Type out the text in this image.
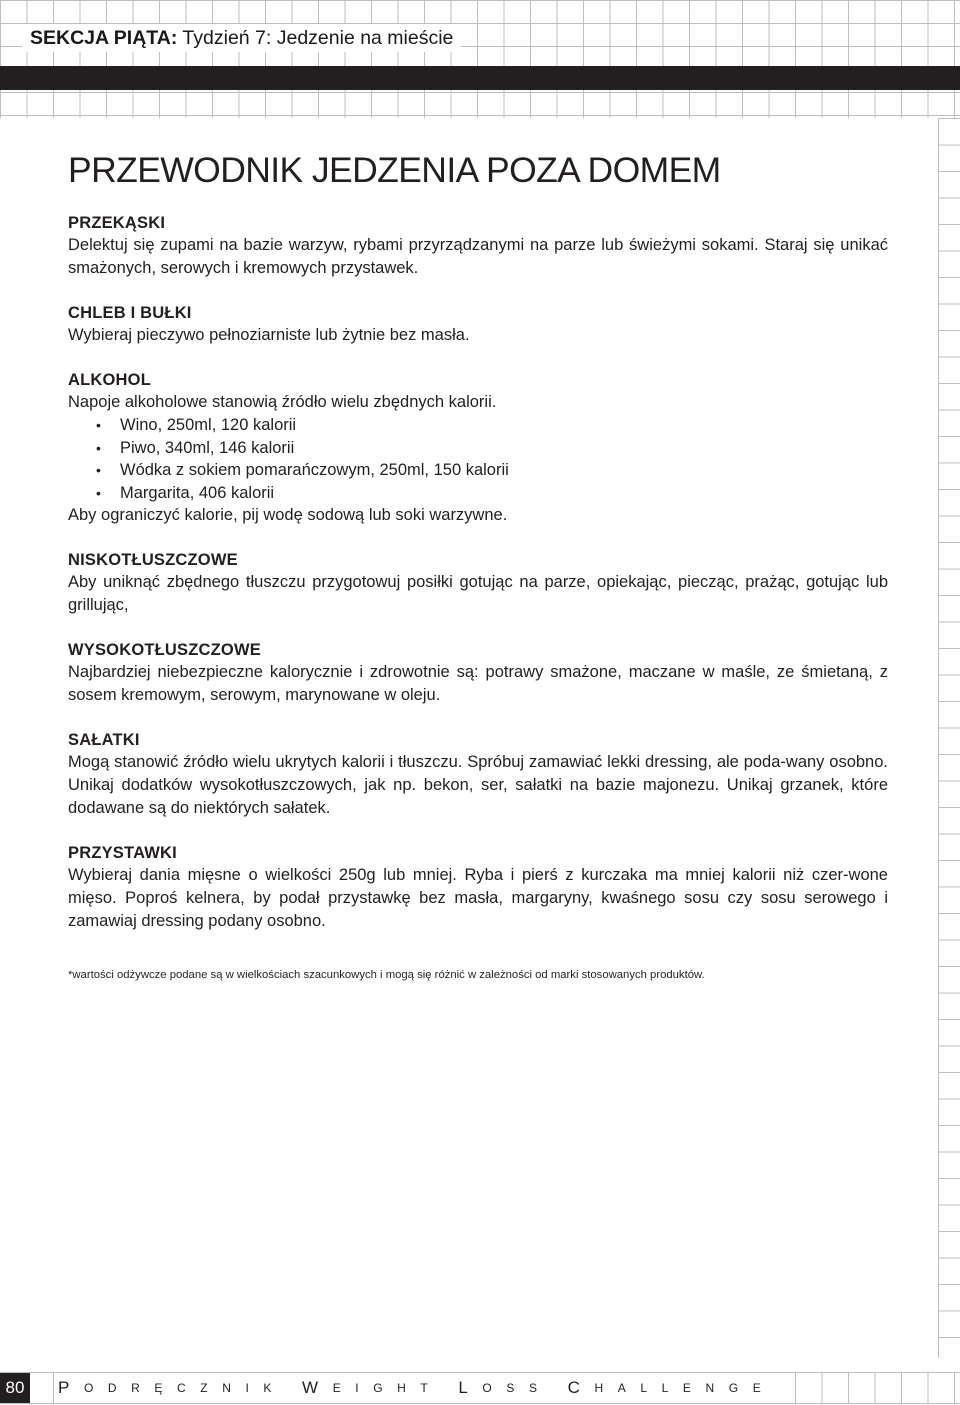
SEKCJA PIĄTA: Tydzień 7: Jedzenie na mieście
PRZEWODNIK JEDZENIA POZA DOMEM
PRZEKĄSKI

Delektuj się zupami na bazie warzyw, rybami przyrządzanymi na parze lub świeżymi sokami. Staraj się unikać smażonych, serowych i kremowych przystawek.

CHLEB I BUŁKI

Wybieraj pieczywo pełnoziarniste lub żytnie bez masła.

ALKOHOL

Napoje alkoholowe stanowią źródło wielu zbędnych kalorii.

• Wino, 250ml, 120 kalorii
• Piwo, 340ml, 146 kalorii
• Wódka z sokiem pomarańczowym, 250ml, 150 kalorii
• Margarita, 406 kalorii

Aby ograniczyć kalorie, pij wodę sodową lub soki warzywne.

NISKOTŁUSZCZOWE

Aby uniknąć zbędnego tłuszczu przygotowuj posiłki gotując na parze, opiekając, piecząc, prażąc, gotując lub grillując,

WYSOKOTŁUSZCZOWE

Najbardziej niebezpieczne kalorycznie i zdrowotnie są: potrawy smażone, maczane w maśle, ze śmietaną, z sosem kremowym, serowym, marynowane w oleju.

SAŁATKI

Mogą stanowić źródło wielu ukrytych kalorii i tłuszczu. Spróbuj zamawiać lekki dressing, ale poda-wany osobno. Unikaj dodatków wysokotłuszczowych, jak np. bekon, ser, sałatki na bazie majonezu. Unikaj grzanek, które dodawane są do niektórych sałatek.

PRZYSTAWKI

Wybieraj dania mięsne o wielkości 250g lub mniej. Ryba i pierś z kurczaka ma mniej kalorii niż czer-wone mięso. Poproś kelnera, by podał przystawkę bez masła, margaryny, kwaśnego sosu czy sosu serowego i zamawiaj dressing podany osobno.

*wartości odżywcze podane są w wielkościach szacunkowych i mogą się różnić w zależności od marki stosowanych produktów.
80	P ODRĘCZNIK W EIGHT L OSS C HALLENGE
